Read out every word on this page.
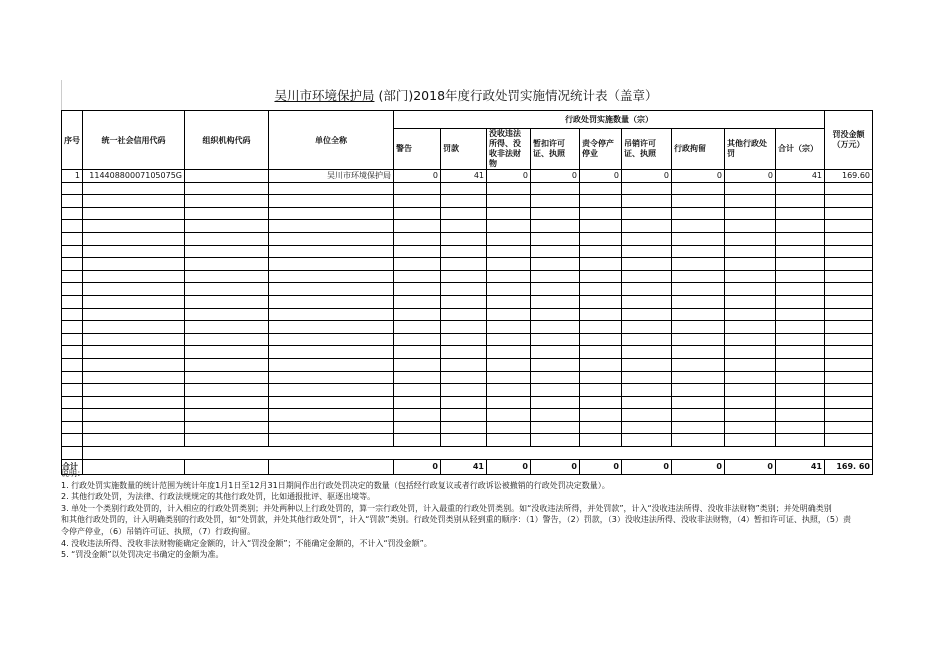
吴川市环境保护局 (部门)2018年度行政处罚实施情况统计表（盖章）
序号	统一社会信用代码	组织机构代码	单位全称	行政处罚实施数量（宗）									罚没金额（万元）
				警告	罚款	没收违法所得、没收非法财物	暂扣许可证、执照	责令停产停业	吊销许可证、执照	行政拘留	其他行政处罚	合计（宗）	
1	11440880007105075G		吴川市环境保护局	0	41	0	0	0	0	0	0	41	169.60

合计				0	41	0	0	0	0	0	0	41	169. 60
说明：
1. 行政处罚实施数量的统计范围为统计年度1月1日至12月31日期间作出行政处罚决定的数量（包括经行政复议或者行政诉讼被撤销的行政处罚决定数量）。
2. 其他行政处罚，为法律、行政法规规定的其他行政处罚，比如通报批评、驱逐出境等。
3. 单处一个类别行政处罚的，计入相应的行政处罚类别；并处两种以上行政处罚的，算一宗行政处罚，计入最重的行政处罚类别。如“没收违法所得，并处罚款”，计入“没收违法所得、没收非法财物”类别；并处明确类别
和其他行政处罚的，计入明确类别的行政处罚，如“处罚款，并处其他行政处罚”，计入“罚款”类别。行政处罚类别从轻到重的顺序：（1）警告，（2）罚款，（3）没收违法所得、没收非法财物，（4）暂扣许可证、执照，（5）责
令停产停业，（6）吊销许可证、执照，（7）行政拘留。
4. 没收违法所得、没收非法财物能确定金额的，计入“罚没金额”；不能确定金额的，不计入“罚没金额”。
5. “罚没金额”以处罚决定书确定的金额为准。
